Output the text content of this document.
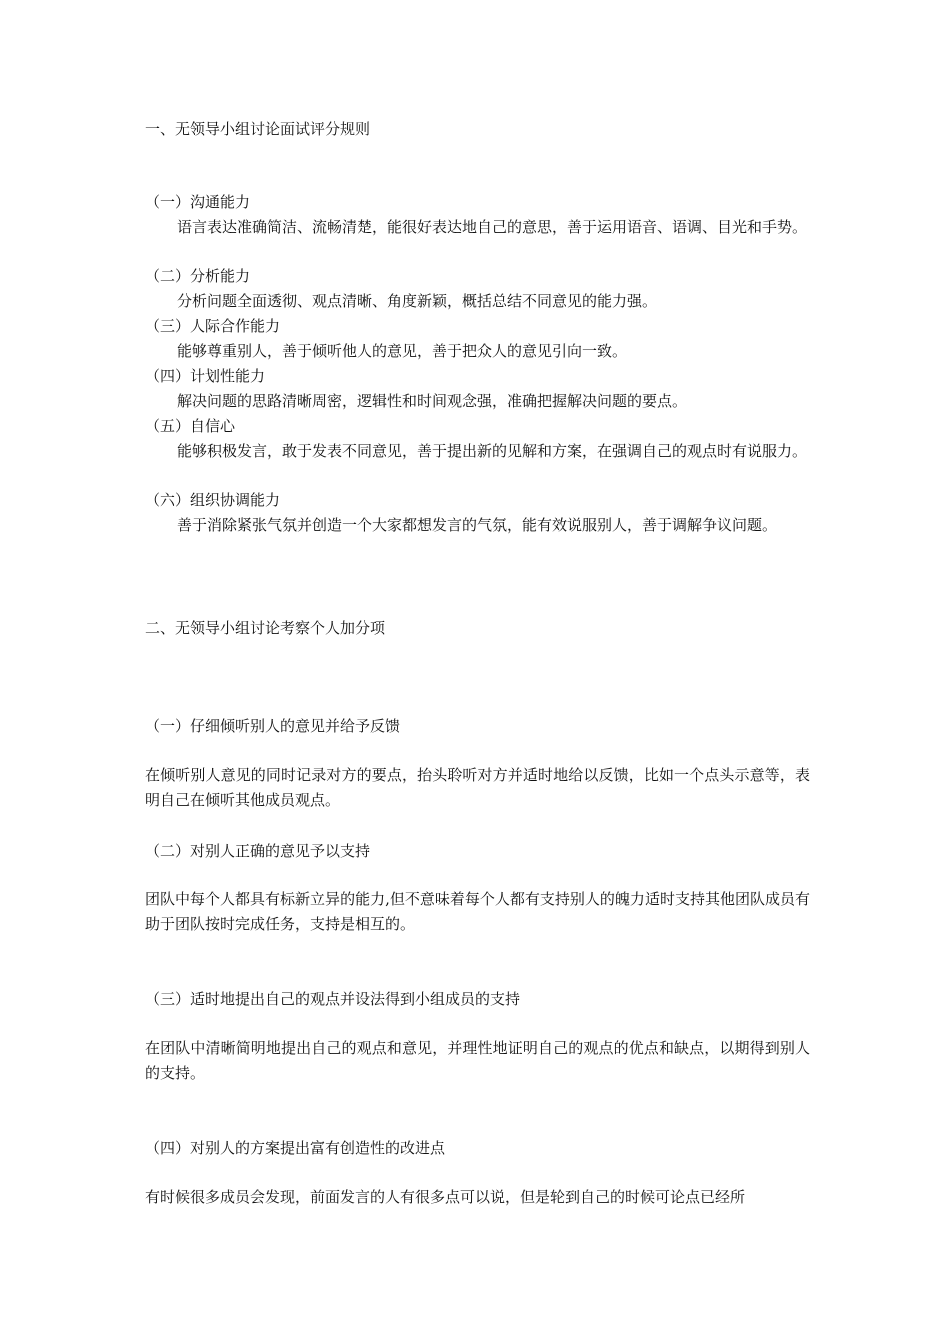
一、无领导小组讨论面试评分规则
（一）沟通能力
语言表达准确简洁、流畅清楚，能很好表达地自己的意思，善于运用语音、语调、目光和手势。
（二）分析能力
分析问题全面透彻、观点清晰、角度新颖，概括总结不同意见的能力强。
（三）人际合作能力
能够尊重别人，善于倾听他人的意见，善于把众人的意见引向一致。
（四）计划性能力
解决问题的思路清晰周密，逻辑性和时间观念强，准确把握解决问题的要点。
（五）自信心
能够积极发言，敢于发表不同意见，善于提出新的见解和方案，在强调自己的观点时有说服力。
（六）组织协调能力
善于消除紧张气氛并创造一个大家都想发言的气氛，能有效说服别人，善于调解争议问题。
二、无领导小组讨论考察个人加分项
（一）仔细倾听别人的意见并给予反馈
在倾听别人意见的同时记录对方的要点，抬头聆听对方并适时地给以反馈，比如一个点头示意等，表明自己在倾听其他成员观点。
（二）对别人正确的意见予以支持
团队中每个人都具有标新立异的能力,但不意味着每个人都有支持别人的魄力适时支持其他团队成员有助于团队按时完成任务，支持是相互的。
（三）适时地提出自己的观点并设法得到小组成员的支持
在团队中清晰简明地提出自己的观点和意见，并理性地证明自己的观点的优点和缺点，以期得到别人的支持。
（四）对别人的方案提出富有创造性的改进点
有时候很多成员会发现，前面发言的人有很多点可以说，但是轮到自己的时候可论点已经所
